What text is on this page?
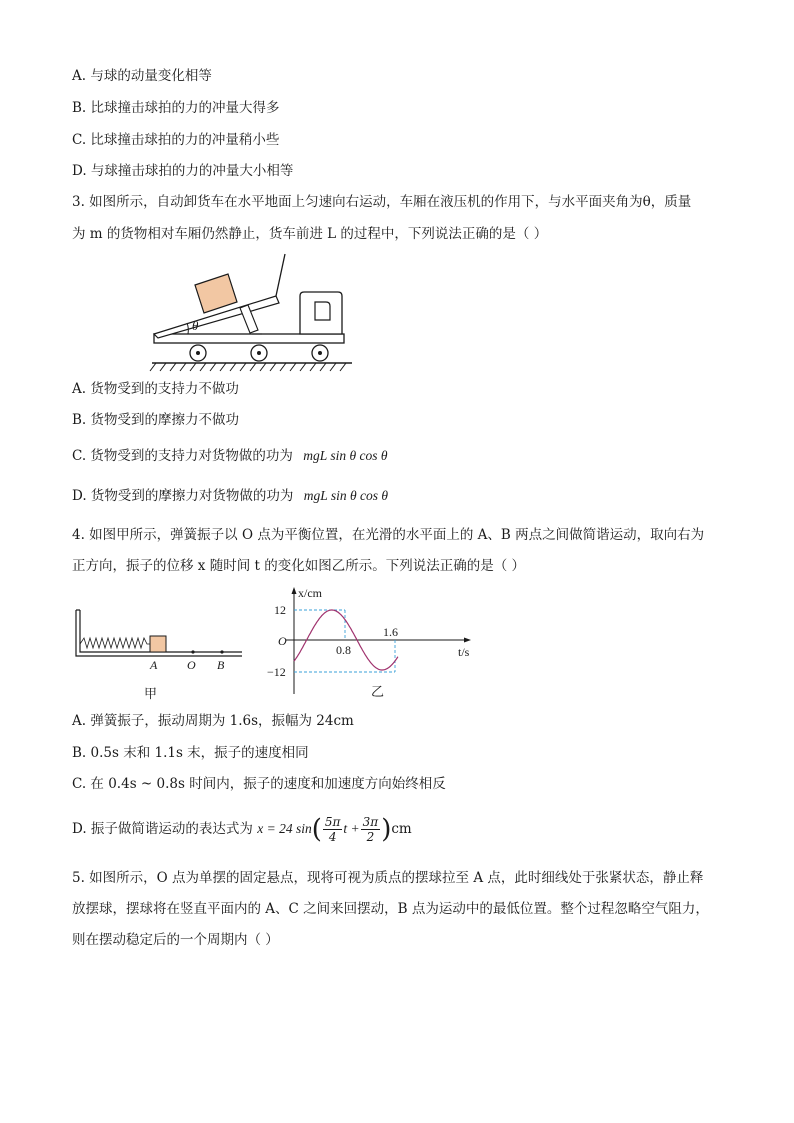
A. 与球的动量变化相等
B. 比球撞击球拍的力的冲量大得多
C. 比球撞击球拍的力的冲量稍小些
D. 与球撞击球拍的力的冲量大小相等
3. 如图所示，自动卸货车在水平地面上匀速向右运动，车厢在液压机的作用下，与水平面夹角为θ，质量
为 m 的货物相对车厢仍然静止，货车前进 L 的过程中，下列说法正确的是（ ）
θ
A. 货物受到的支持力不做功
B. 货物受到的摩擦力不做功
C. 货物受到的支持力对货物做的功为 mgL sin θ cos θ
D. 货物受到的摩擦力对货物做的功为 mgL sin θ cos θ
4. 如图甲所示，弹簧振子以 O 点为平衡位置，在光滑的水平面上的 A、B 两点之间做简谐运动，取向右为
正方向，振子的位移 x 随时间 t 的变化如图乙所示。下列说法正确的是（ ）
A O B
甲
x/cm
t/s
O
12
−12
0.8
1.6
乙
A. 弹簧振子，振动周期为 1.6s，振幅为 24cm
B. 0.5s 末和 1.1s 末，振子的速度相同
C. 在 0.4s ~ 0.8s 时间内，振子的速度和加速度方向始终相反
D. 振子做简谐运动的表达式为 x = 24 $\sin( \frac{5\pi}{4}$ $t + \frac{3\pi}{2} )cm$
5. 如图所示，O 点为单摆的固定悬点，现将可视为质点的摆球拉至 A 点，此时细线处于张紧状态，静止释
放摆球，摆球将在竖直平面内的 A、C 之间来回摆动，B 点为运动中的最低位置。整个过程忽略空气阻力，
则在摆动稳定后的一个周期内（ ）
